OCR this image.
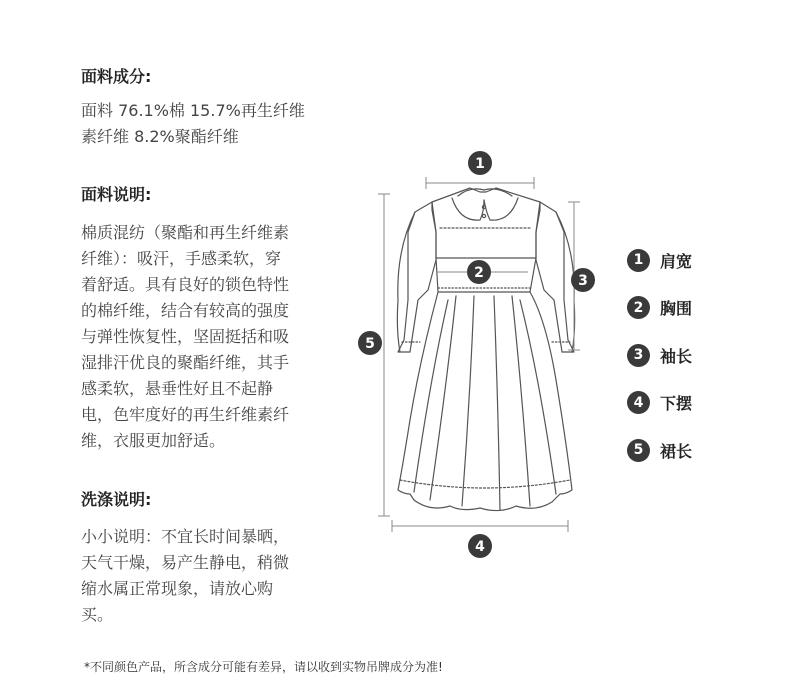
面料成分:

面料 76.1%棉 15.7%再生纤维
素纤维 8.2%聚酯纤维

面料说明:

棉质混纺（聚酯和再生纤维素
纤维）：吸汗，手感柔软，穿
着舒适。具有良好的锁色特性
的棉纤维，结合有较高的强度
与弹性恢复性，坚固挺括和吸
湿排汗优良的聚酯纤维，其手
感柔软，悬垂性好且不起静
电，色牢度好的再生纤维素纤
维，衣服更加舒适。

洗涤说明:

小小说明：不宜长时间暴晒，
天气干燥，易产生静电，稍微
缩水属正常现象，请放心购
买。

1
2	3
4
5
1	肩宽
2	胸围
3	袖长
4	下摆
5	裙长

*不同颜色产品，所含成分可能有差异，请以收到实物吊牌成分为准!
